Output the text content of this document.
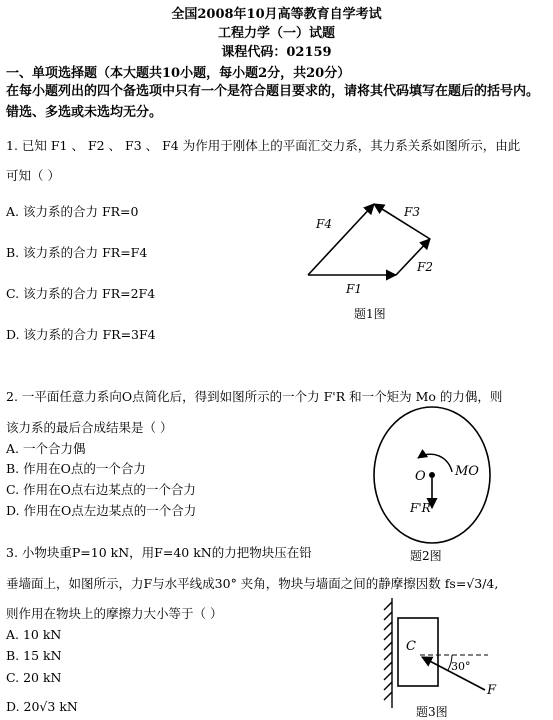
全国2008年10月高等教育自学考试
工程力学（一）试题
课程代码：02159
一、单项选择题（本大题共10小题，每小题2分，共20分）
在每小题列出的四个备选项中只有一个是符合题目要求的，请将其代码填写在题后的括号内。错选、多选或未选均无分。
1. 已知 F1 、 F2 、 F3 、 F4 为作用于刚体上的平面汇交力系，其力系关系如图所示，由此
可知（ ）
A. 该力系的合力 FR=0
B. 该力系的合力 FR=F4
C. 该力系的合力 FR=2F4
D. 该力系的合力 FR=3F4
2. 一平面任意力系向O点简化后，得到如图所示的一个力 F'R 和一个矩为 Mo 的力偶，则
该力系的最后合成结果是（ ）
A. 一个合力偶
B. 作用在O点的一个合力
C. 作用在O点右边某点的一个合力
D. 作用在O点左边某点的一个合力
3. 小物块重P=10 kN，用F=40 kN的力把物块压在铅
垂墙面上，如图所示，力F与水平线成30° 夹角，物块与墙面之间的静摩擦因数 fs=√3/4,
则作用在物块上的摩擦力大小等于（ ）
A. 10 kN
B. 15 kN
C. 20 kN
D. 20√3 kN
F1
F2
F3
F4
题1图
O MO
F'R
题2图
C
30°
F
题3图
